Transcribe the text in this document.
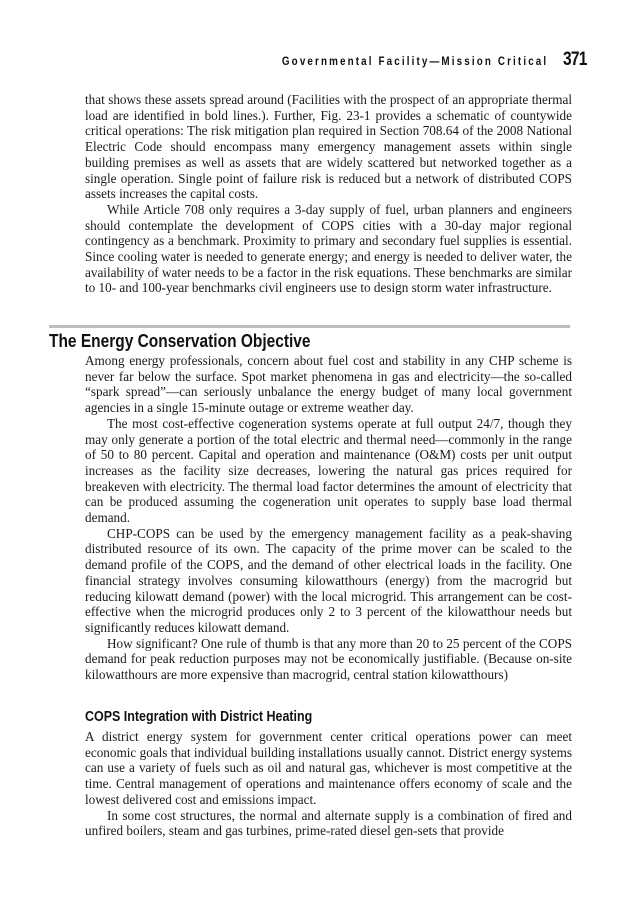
Governmental Facility—Mission Critical 371

that shows these assets spread around (Facilities with the prospect of an appropriate thermal load are identified in bold lines.). Further, Fig. 23-1 provides a schematic of countywide critical operations: The risk mitigation plan required in Section 708.64 of the 2008 National Electric Code should encompass many emergency management assets within single building premises as well as assets that are widely scattered but networked together as a single operation. Single point of failure risk is reduced but a network of distributed COPS assets increases the capital costs.

While Article 708 only requires a 3-day supply of fuel, urban planners and engineers should contemplate the development of COPS cities with a 30-day major regional contingency as a benchmark. Proximity to primary and secondary fuel supplies is essential. Since cooling water is needed to generate energy; and energy is needed to deliver water, the availability of water needs to be a factor in the risk equations. These benchmarks are similar to 10- and 100-year benchmarks civil engineers use to design storm water infrastructure.

The Energy Conservation Objective

Among energy professionals, concern about fuel cost and stability in any CHP scheme is never far below the surface. Spot market phenomena in gas and electricity—the so-called “spark spread”—can seriously unbalance the energy budget of many local government agencies in a single 15-minute outage or extreme weather day.

The most cost-effective cogeneration systems operate at full output 24/7, though they may only generate a portion of the total electric and thermal need—commonly in the range of 50 to 80 percent. Capital and operation and maintenance (O&M) costs per unit output increases as the facility size decreases, lowering the natural gas prices required for breakeven with electricity. The thermal load factor determines the amount of electricity that can be produced assuming the cogeneration unit operates to supply base load thermal demand.

CHP-COPS can be used by the emergency management facility as a peak-shaving distributed resource of its own. The capacity of the prime mover can be scaled to the demand profile of the COPS, and the demand of other electrical loads in the facility. One financial strategy involves consuming kilowatthours (energy) from the macrogrid but reducing kilowatt demand (power) with the local microgrid. This arrangement can be cost-effective when the microgrid produces only 2 to 3 percent of the kilowatthour needs but significantly reduces kilowatt demand.

How significant? One rule of thumb is that any more than 20 to 25 percent of the COPS demand for peak reduction purposes may not be economically justifiable. (Because on-site kilowatthours are more expensive than macrogrid, central station kilowatthours)

COPS Integration with District Heating

A district energy system for government center critical operations power can meet economic goals that individual building installations usually cannot. District energy systems can use a variety of fuels such as oil and natural gas, whichever is most competitive at the time. Central management of operations and maintenance offers economy of scale and the lowest delivered cost and emissions impact.

In some cost structures, the normal and alternate supply is a combination of fired and unfired boilers, steam and gas turbines, prime-rated diesel gen-sets that provide
